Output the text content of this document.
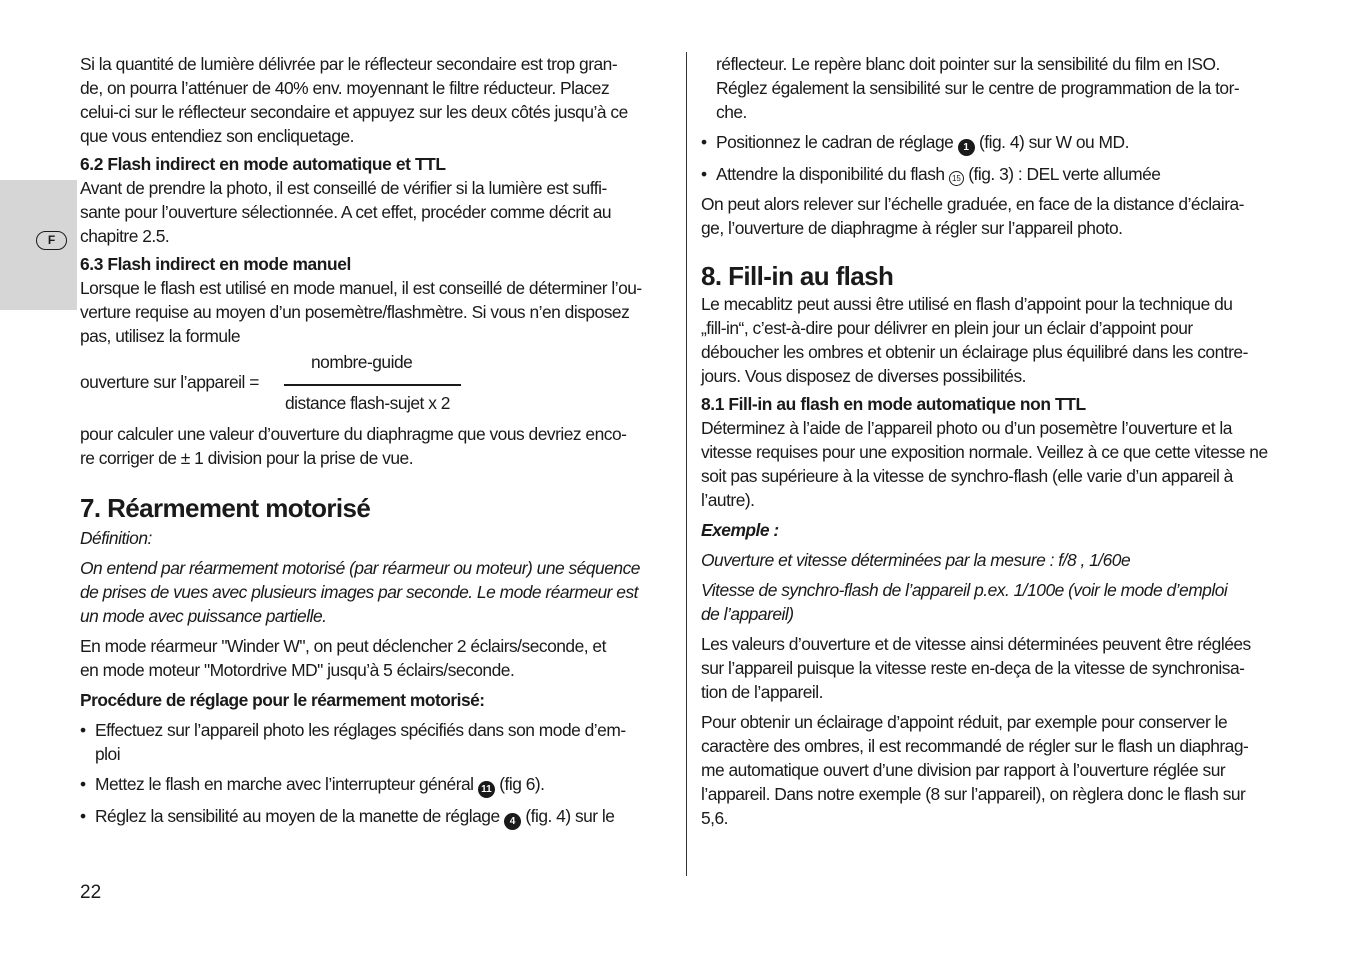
F

Si la quantité de lumière délivrée par le réflecteur secondaire est trop gran-
de, on pourra l’atténuer de 40% env. moyennant le filtre réducteur. Placez
celui-ci sur le réflecteur secondaire et appuyez sur les deux côtés jusqu’à ce
que vous entendiez son encliquetage.

6.2 Flash indirect en mode automatique et TTL

Avant de prendre la photo, il est conseillé de vérifier si la lumière est suffi-
sante pour l’ouverture sélectionnée. A cet effet, procéder comme décrit au
chapitre 2.5.

6.3 Flash indirect en mode manuel

Lorsque le flash est utilisé en mode manuel, il est conseillé de déterminer l’ou-
verture requise au moyen d’un posemètre/flashmètre. Si vous n’en disposez
pas, utilisez la formule

nombre-guide
ouverture sur l’appareil =
distance flash-sujet x 2

pour calculer une valeur d’ouverture du diaphragme que vous devriez enco-
re corriger de ± 1 division pour la prise de vue.

7. Réarmement motorisé

Définition:

On entend par réarmement motorisé (par réarmeur ou moteur) une séquence
de prises de vues avec plusieurs images par seconde. Le mode réarmeur est
un mode avec puissance partielle.

En mode réarmeur "Winder W", on peut déclencher 2 éclairs/seconde, et
en mode moteur "Motordrive MD" jusqu’à 5 éclairs/seconde.

Procédure de réglage pour le réarmement motorisé:

• Effectuez sur l’appareil photo les réglages spécifiés dans son mode d’em-
ploi
• Mettez le flash en marche avec l’interrupteur général 11 (fig 6).
• Réglez la sensibilité au moyen de la manette de réglage 4 (fig. 4) sur le
réflecteur. Le repère blanc doit pointer sur la sensibilité du film en ISO.
Réglez également la sensibilité sur le centre de programmation de la tor-
che.
• Positionnez le cadran de réglage 1 (fig. 4) sur W ou MD.
• Attendre la disponibilité du flash 15 (fig. 3) : DEL verte allumée

On peut alors relever sur l’échelle graduée, en face de la distance d’éclaira-
ge, l’ouverture de diaphragme à régler sur l’appareil photo.

8. Fill-in au flash

Le mecablitz peut aussi être utilisé en flash d’appoint pour la technique du
„fill-in“, c’est-à-dire pour délivrer en plein jour un éclair d’appoint pour
déboucher les ombres et obtenir un éclairage plus équilibré dans les contre-
jours. Vous disposez de diverses possibilités.

8.1 Fill-in au flash en mode automatique non TTL

Déterminez à l’aide de l’appareil photo ou d’un posemètre l’ouverture et la
vitesse requises pour une exposition normale. Veillez à ce que cette vitesse ne
soit pas supérieure à la vitesse de synchro-flash (elle varie d’un appareil à
l’autre).

Exemple :

Ouverture et vitesse déterminées par la mesure : f/8 , 1/60e

Vitesse de synchro-flash de l’appareil p.ex. 1/100e (voir le mode d’emploi
de l’appareil)

Les valeurs d’ouverture et de vitesse ainsi déterminées peuvent être réglées
sur l’appareil puisque la vitesse reste en-deça de la vitesse de synchronisa-
tion de l’appareil.

Pour obtenir un éclairage d’appoint réduit, par exemple pour conserver le
caractère des ombres, il est recommandé de régler sur le flash un diaphrag-
me automatique ouvert d’une division par rapport à l’ouverture réglée sur
l’appareil. Dans notre exemple (8 sur l’appareil), on règlera donc le flash sur
5,6.

22
